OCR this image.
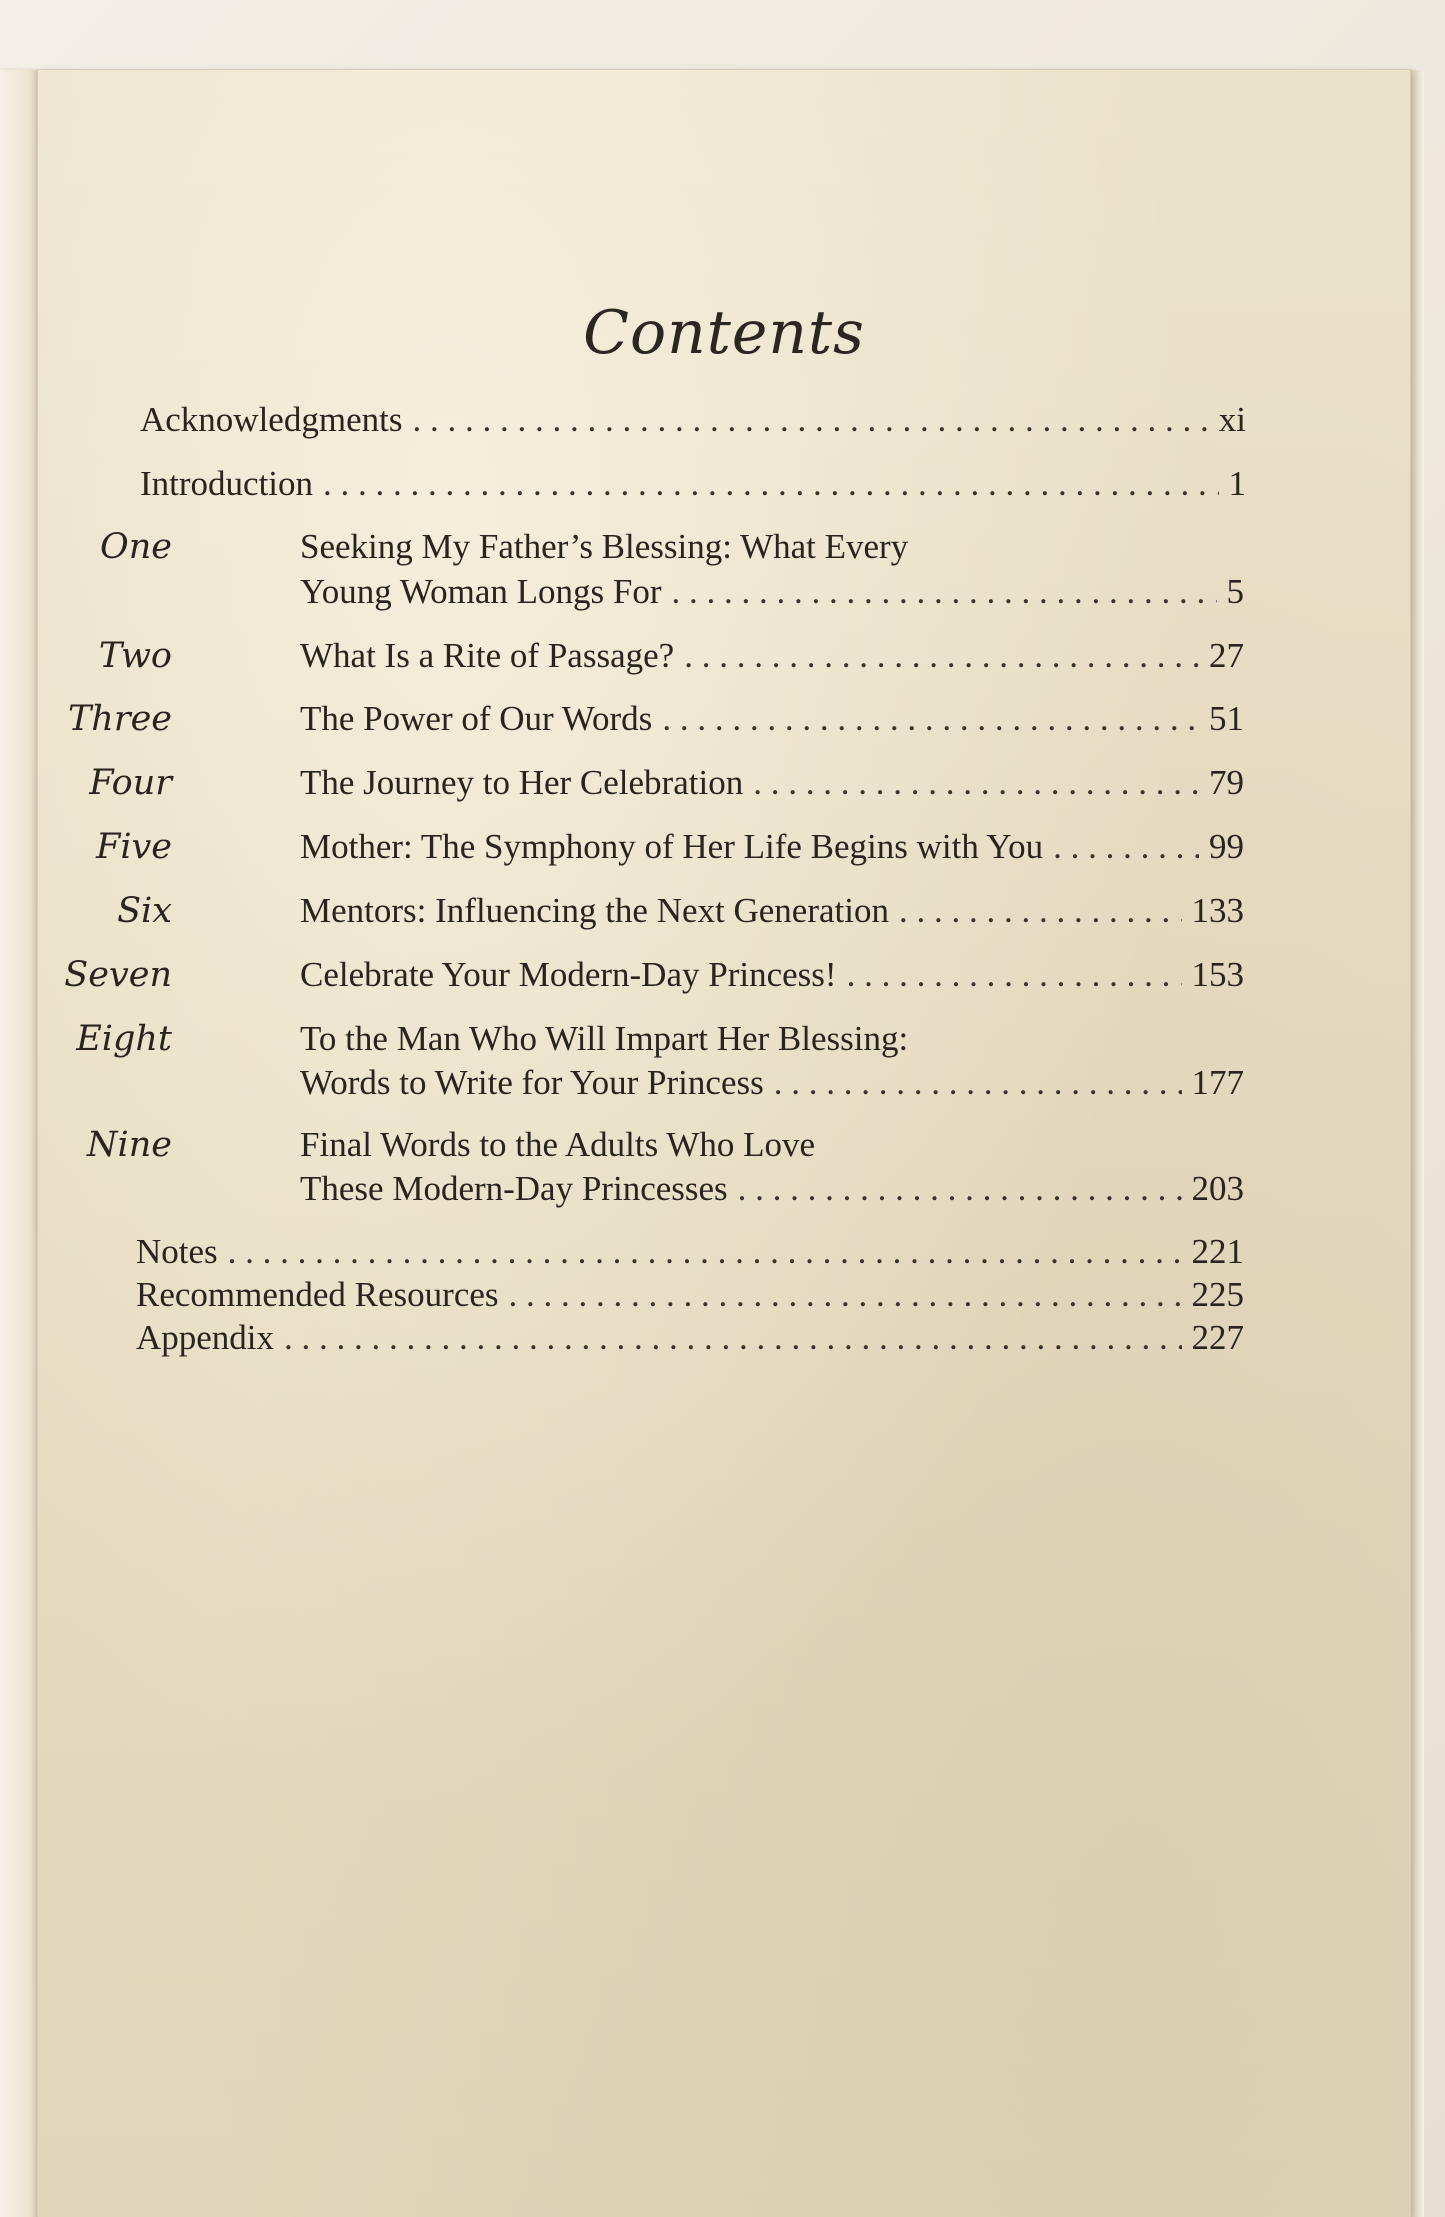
Contents
Acknowledgments . . .	xi
Introduction . . .	1
One	Seeking My Father’s Blessing: What Every
Young Woman Longs For . . .	5
Two	What Is a Rite of Passage? . . .	27
Three	The Power of Our Words . . .	51
Four	The Journey to Her Celebration . . .	79
Five	Mother: The Symphony of Her Life Begins with You . . .	99
Six	Mentors: Influencing the Next Generation . . .	133
Seven	Celebrate Your Modern-Day Princess! . . .	153
Eight	To the Man Who Will Impart Her Blessing:
Words to Write for Your Princess . . .	177
Nine	Final Words to the Adults Who Love
These Modern-Day Princesses . . .	203
Notes . . .	221
Recommended Resources . . .	225
Appendix . . .	227
